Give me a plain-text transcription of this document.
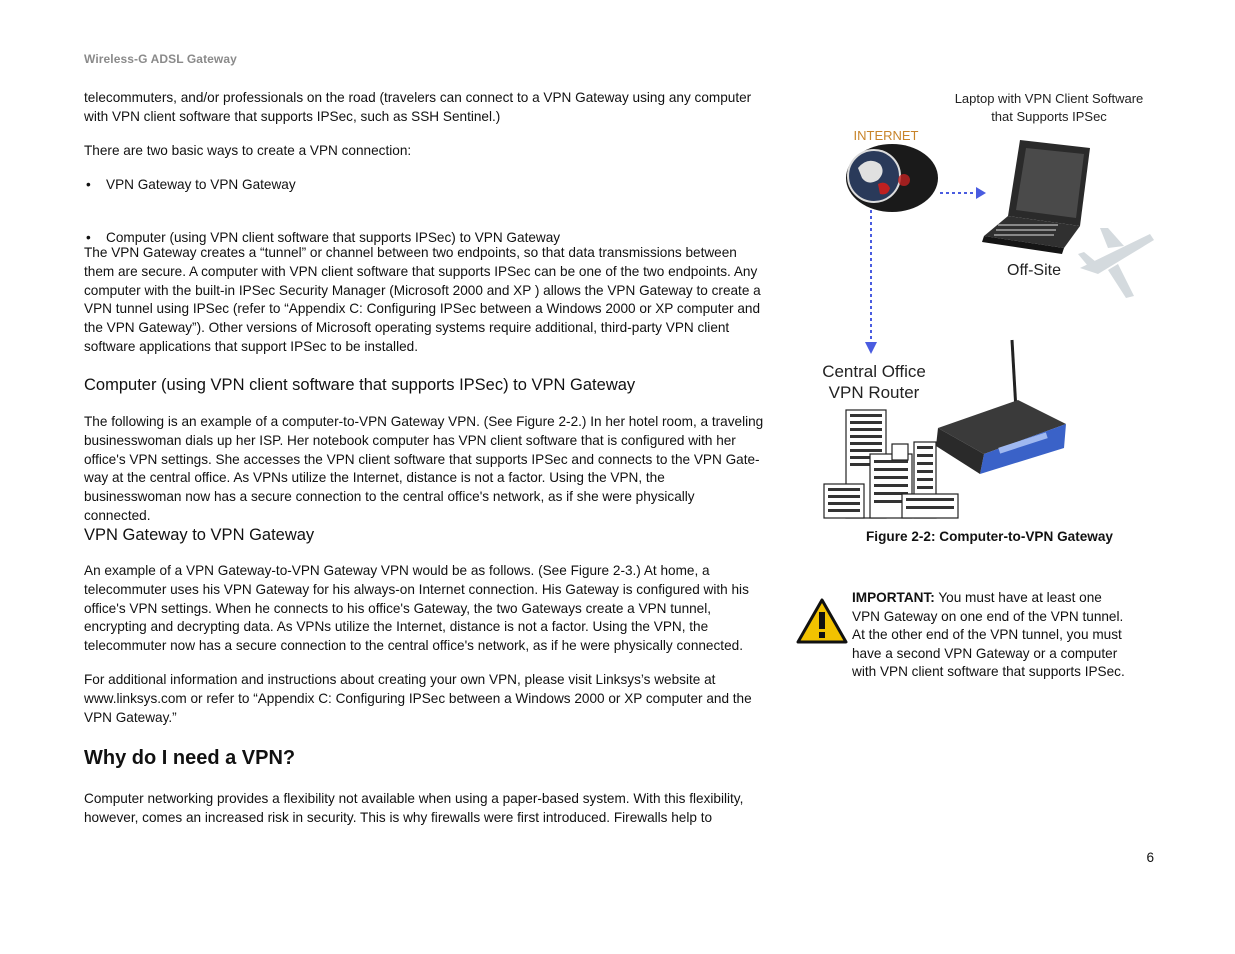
Wireless-G ADSL Gateway

telecommuters, and/or professionals on the road (travelers can connect to a VPN Gateway using any computer with VPN client software that supports IPSec, such as SSH Sentinel.)

There are two basic ways to create a VPN connection:

• VPN Gateway to VPN Gateway
• Computer (using VPN client software that supports IPSec) to VPN Gateway

The VPN Gateway creates a “tunnel” or channel between two endpoints, so that data transmissions between them are secure. A computer with VPN client software that supports IPSec can be one of the two endpoints. Any computer with the built-in IPSec Security Manager (Microsoft 2000 and XP ) allows the VPN Gateway to create a VPN tunnel using IPSec (refer to “Appendix C: Configuring IPSec between a Windows 2000 or XP computer and the VPN Gateway”). Other versions of Microsoft operating systems require additional, third-party VPN client software applications that support IPSec to be installed.

Computer (using VPN client software that supports IPSec) to VPN Gateway

The following is an example of a computer-to-VPN Gateway VPN. (See Figure 2-2.) In her hotel room, a traveling businesswoman dials up her ISP. Her notebook computer has VPN client software that is configured with her office's VPN settings. She accesses the VPN client software that supports IPSec and connects to the VPN Gate-way at the central office. As VPNs utilize the Internet, distance is not a factor. Using the VPN, the businesswoman now has a secure connection to the central office's network, as if she were physically connected.

VPN Gateway to VPN Gateway

An example of a VPN Gateway-to-VPN Gateway VPN would be as follows. (See Figure 2-3.) At home, a telecommuter uses his VPN Gateway for his always-on Internet connection. His Gateway is configured with his office's VPN settings. When he connects to his office's Gateway, the two Gateways create a VPN tunnel, encrypting and decrypting data. As VPNs utilize the Internet, distance is not a factor. Using the VPN, the telecommuter now has a secure connection to the central office's network, as if he were physically connected.

For additional information and instructions about creating your own VPN, please visit Linksys’s website at www.linksys.com or refer to “Appendix C: Configuring IPSec between a Windows 2000 or XP computer and the VPN Gateway.”

Why do I need a VPN?

Computer networking provides a flexibility not available when using a paper-based system. With this flexibility, however, comes an increased risk in security. This is why firewalls were first introduced. Firewalls help to

Laptop with VPN Client Software
that Supports IPSec
INTERNET
Off-Site
Central Office
VPN Router
Figure 2-2: Computer-to-VPN Gateway
IMPORTANT: You must have at least one VPN Gateway on one end of the VPN tunnel. At the other end of the VPN tunnel, you must have a second VPN Gateway or a computer with VPN client software that supports IPSec.
6
